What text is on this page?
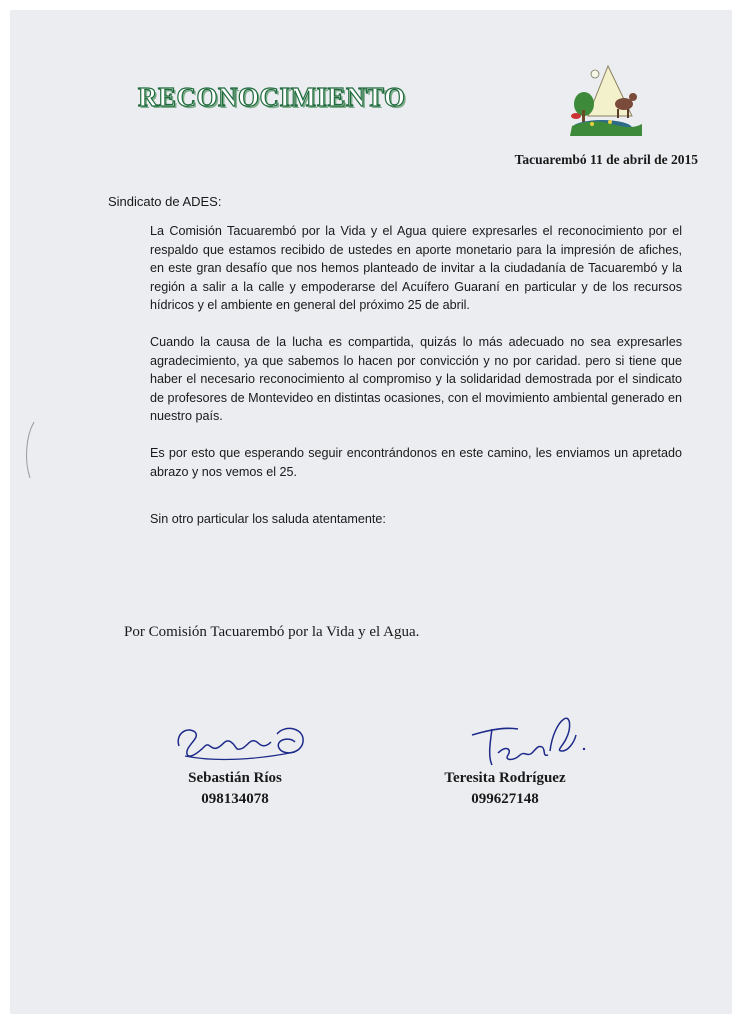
RECONOCIMIENTO
Tacuarembó 11 de abril de 2015
Sindicato de ADES:

La Comisión Tacuarembó por la Vida y el Agua quiere expresarles el reconocimiento por el respaldo que estamos recibido de ustedes en aporte monetario para la impresión de afiches, en este gran desafío que nos hemos planteado de invitar a la ciudadanía de Tacuarembó y la región a salir a la calle y empoderarse del Acuífero Guaraní en particular y de los recursos hídricos y el ambiente en general del próximo 25 de abril.

Cuando la causa de la lucha es compartida, quizás lo más adecuado no sea expresarles agradecimiento, ya que sabemos lo hacen por convicción y no por caridad. pero si tiene que haber el necesario reconocimiento al compromiso y la solidaridad demostrada por el sindicato de profesores de Montevideo en distintas ocasiones, con el movimiento ambiental generado en nuestro país.

Es por esto que esperando seguir encontrándonos en este camino, les enviamos un apretado abrazo y nos vemos el 25.

Sin otro particular los saluda atentamente:
Por Comisión Tacuarembó por la Vida y el Agua.
Sebastián Ríos
098134078
Teresita Rodríguez
099627148
